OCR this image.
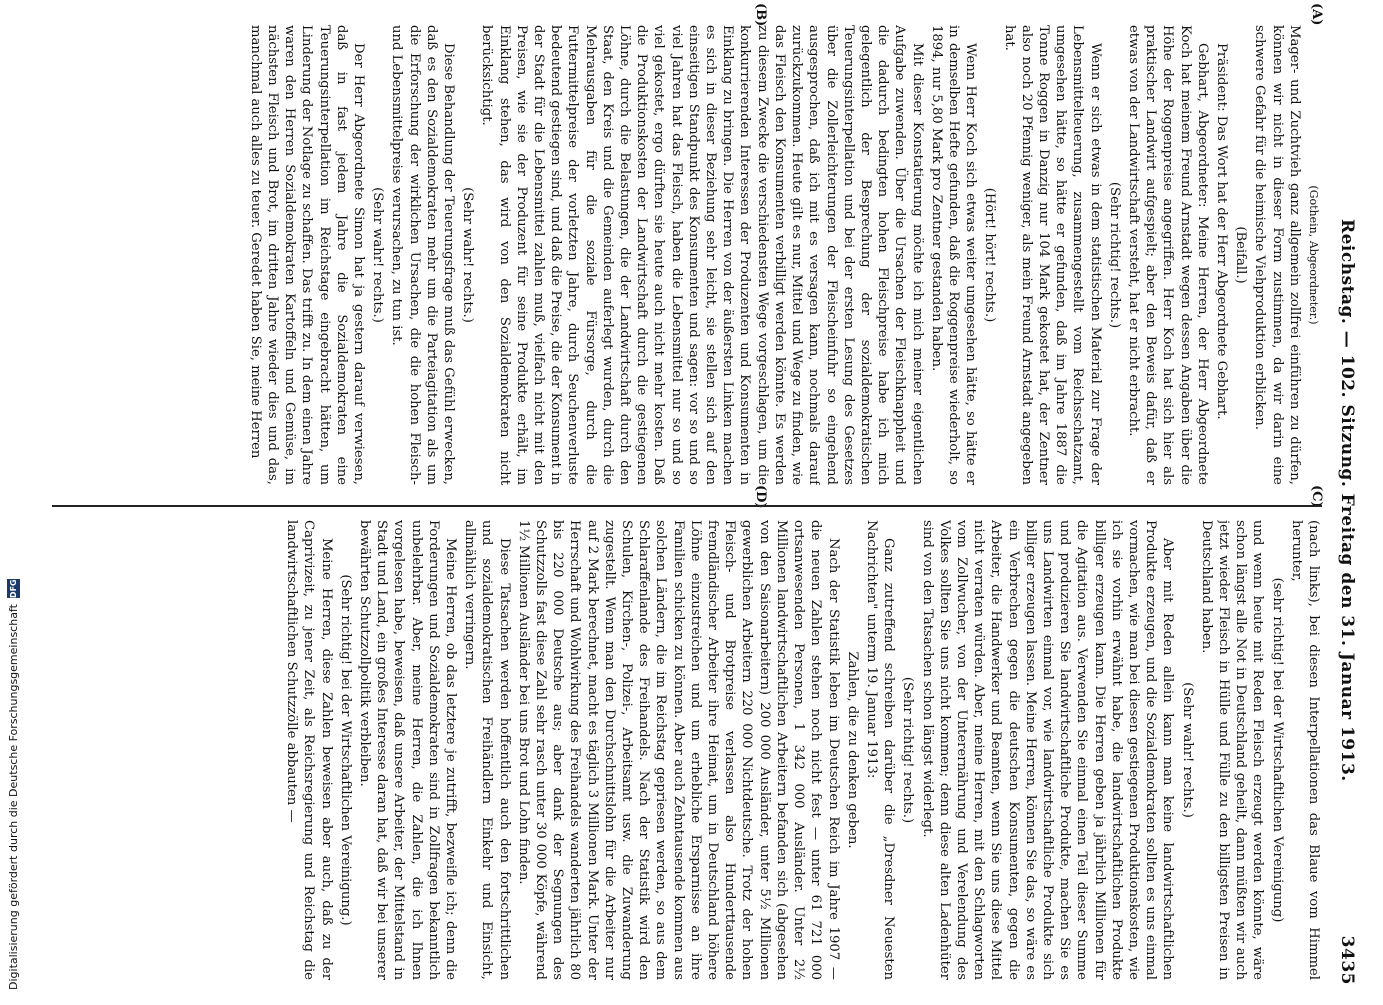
Reichstag. — 102. Sitzung. Freitag den 31. Januar 1913.
3435
(A)
(B)
(C)
(D)

(Gothein, Abgeordneter.)

Mager- und Zuchtvieh ganz allgemein zollfrei einführen zu dürfen, können wir nicht in dieser Form zustimmen, da wir darin eine schwere Gefahr für die heimische Viehproduktion erblicken.

(Beifall.)

Präsident: Das Wort hat der Herr Abgeordnete Gebhart.

Gebhart, Abgeordneter: Meine Herren, der Herr Abgeordnete Koch hat meinem Freund Arnstadt wegen dessen Angaben über die Höhe der Roggenpreise angegriffen. Herr Koch hat sich hier als praktischer Landwirt aufgespielt; aber den Beweis dafür, daß er etwas von der Landwirtschaft versteht, hat er nicht erbracht.

(Sehr richtig! rechts.)

Wenn er sich etwas in dem statistischen Material zur Frage der Lebensmittelteuerung, zusammengestellt vom Reichsschatzamt, umgesehen hätte, so hätte er gefunden, daß im Jahre 1887 die Tonne Roggen in Danzig nur 104 Mark gekostet hat, der Zentner also noch 20 Pfennig weniger, als mein Freund Arnstadt angegeben hat.

(Hört! hört! rechts.)

Wenn Herr Koch sich etwas weiter umgesehen hätte, so hätte er in demselben Hefte gefunden, daß die Roggenpreise wiederholt, so 1894, nur 5,80 Mark pro Zentner gestanden haben.

Mit dieser Konstatierung möchte ich mich meiner eigentlichen Aufgabe zuwenden. Über die Ursachen der Fleischknappheit und die dadurch bedingten hohen Fleischpreise habe ich mich gelegentlich der Besprechung der sozialdemokratischen Teuerungsinterpellation und bei der ersten Lesung des Gesetzes über die Zollerleichterungen der Fleischeinfuhr so eingehend ausgesprochen, daß ich mit es versagen kann, nochmals darauf zurückzukommen. Heute gilt es nur, Mittel und Wege zu finden, wie das Fleisch den Konsumenten verbilligt werden könnte. Es werden zu diesem Zwecke die verschiedensten Wege vorgeschlagen, um die konkurrierenden Interessen der Produzenten und Konsumenten in Einklang zu bringen. Die Herren von der äußersten Linken machen es sich in dieser Beziehung sehr leicht, sie stellen sich auf den einseitigen Standpunkt des Konsumenten und sagen: vor so und so viel Jahren hat das Fleisch, haben die Lebensmittel nur so und so viel gekostet, ergo dürften sie heute auch nicht mehr kosten. Daß die Produktionskosten der Landwirtschaft durch die gestiegenen Löhne, durch die Belastungen, die der Landwirtschaft durch den Staat, den Kreis und die Gemeinden auferlegt wurden, durch die Mehrausgaben für die soziale Fürsorge, durch die Futtermittelpreise der vorletzten Jahre, durch Seuchenverluste bedeutend gestiegen sind, und daß die Preise, die der Konsument in der Stadt für die Lebensmittel zahlen muß, vielfach nicht mit den Preisen, wie sie der Produzent für seine Produkte erhält, im Einklang stehen, das wird von den Sozialdemokraten nicht berücksichtigt.

(Sehr wahr! rechts.)

Diese Behandlung der Teuerungsfrage muß das Gefühl erwecken, daß es den Sozialdemokraten mehr um die Parteiagitation als um die Erforschung der wirklichen Ursachen, die die hohen Fleisch- und Lebensmittelpreise verursachen, zu tun ist.

(Sehr wahr! rechts.)

Der Herr Abgeordnete Simon hat ja gestern darauf verwiesen, daß in fast jedem Jahre die Sozialdemokraten eine Teuerungsinterpellation im Reichstage eingebracht hätten, um Linderung der Notlage zu schaffen. Das trifft zu. In dem einen Jahre waren den Herren Sozialdemokraten Kartoffeln und Gemüse, im nächsten Fleisch und Brot, im dritten Jahre wieder dies und das, manchmal auch alles zu teuer. Geredet haben Sie, meine Herren

(nach links), bei diesen Interpellationen das Blaue vom Himmel herunter,

(sehr richtig! bei der Wirtschaftlichen Vereinigung)

und wenn heute mit Reden Fleisch erzeugt werden könnte, wäre schon längst alle Not in Deutschland geheilt, dann müßten wir auch jetzt wieder Fleisch in Hülle und Fülle zu den billigsten Preisen in Deutschland haben.

(Sehr wahr! rechts.)

Aber mit Reden allein kann man keine landwirtschaftlichen Produkte erzeugen, und die Sozialdemokraten sollten es uns einmal vormachen, wie man bei diesen gestiegenen Produktionskosten, wie ich sie vorhin erwähnt habe, die landwirtschaftlichen Produkte billiger erzeugen kann. Die Herren geben ja jährlich Millionen für die Agitation aus. Verwenden Sie einmal einen Teil dieser Summe und produzieren Sie landwirtschaftliche Produkte, machen Sie es uns Landwirten einmal vor, wie landwirtschaftliche Produkte sich billiger erzeugen lassen. Meine Herren, können Sie das, so wäre es ein Verbrechen gegen die deutschen Konsumenten, gegen die Arbeiter, die Handwerker und Beamten, wenn Sie uns diese Mittel nicht verraten würden. Aber, meine Herren, mit den Schlagworten vom Zollwucher, von der Unterernährung und Verelendung des Volkes sollten Sie uns nicht kommen; denn diese alten Ladenhüter sind von den Tatsachen schon längst widerlegt.

(Sehr richtig! rechts.)

Ganz zutreffend schreiben darüber die „Dresdner Neuesten Nachrichten" unterm 19. Januar 1913:

Zahlen, die zu denken geben.

Nach der Statistik leben im Deutschen Reich im Jahre 1907 — die neuen Zahlen stehen noch nicht fest — unter 61 721 000 ortsanwesenden Personen, 1 342 000 Ausländer. Unter 2½ Millionen landwirtschaftlichen Arbeitern befanden sich (abgesehen von den Saisonarbeitern) 200 000 Ausländer, unter 5½ Millionen gewerblichen Arbeitern 220 000 Nichtdeutsche. Trotz der hohen Fleisch- und Brotpreise verlassen also Hunderttausende fremdländischer Arbeiter ihre Heimat, um in Deutschland höhere Löhne einzustreichen und um erhebliche Ersparnisse an ihre Familien schicken zu können. Aber auch Zehntausende kommen aus solchen Ländern, die im Reichstag gepriesen werden, so aus dem Schlaraffenlande des Freihandels. Nach der Statistik wird den Schulen, Kirchen-, Polizei-, Arbeitsamt usw. die Zuwanderung zugestellt. Wenn man den Durchschnittslohn für die Arbeiter nur auf 2 Mark berechnet, macht es täglich 3 Millionen Mark. Unter der Herrschaft und Wohlwirkung des Freihandels wanderten jährlich 80 bis 220 000 Deutsche aus; aber dank der Segnungen des Schutzzolls fast diese Zahl sehr rasch unter 30 000 Köpfe, während 1½ Millionen Ausländer bei uns Brot und Lohn finden.

Diese Tatsachen werden hoffentlich auch den fortschrittlichen und sozialdemokratischen Freihändlern Einkehr und Einsicht, allmählich verringern.

Meine Herren, ob das letztere je zutrifft, bezweifle ich; denn die Forderungen und Sozialdemokraten sind in Zollfragen bekanntlich unbelehrbar. Aber, meine Herren, die Zahlen, die ich Ihnen vorgelesen habe, beweisen, daß unsere Arbeiter, der Mittelstand in Stadt und Land, ein großes Interesse daran hat, daß wir bei unserer bewährten Schutzzollpolitik verbleiben.

(Sehr richtig! bei der Wirtschaftlichen Vereinigung.)

Meine Herren, diese Zahlen beweisen aber auch, daß zu der Caprivizeit, zu jener Zeit, als Reichsregierung und Reichstag die landwirtschaftlichen Schutzzölle abbauten —

Digitalisierung gefördert durch die Deutsche Forschungsgemeinschaft
DFG
